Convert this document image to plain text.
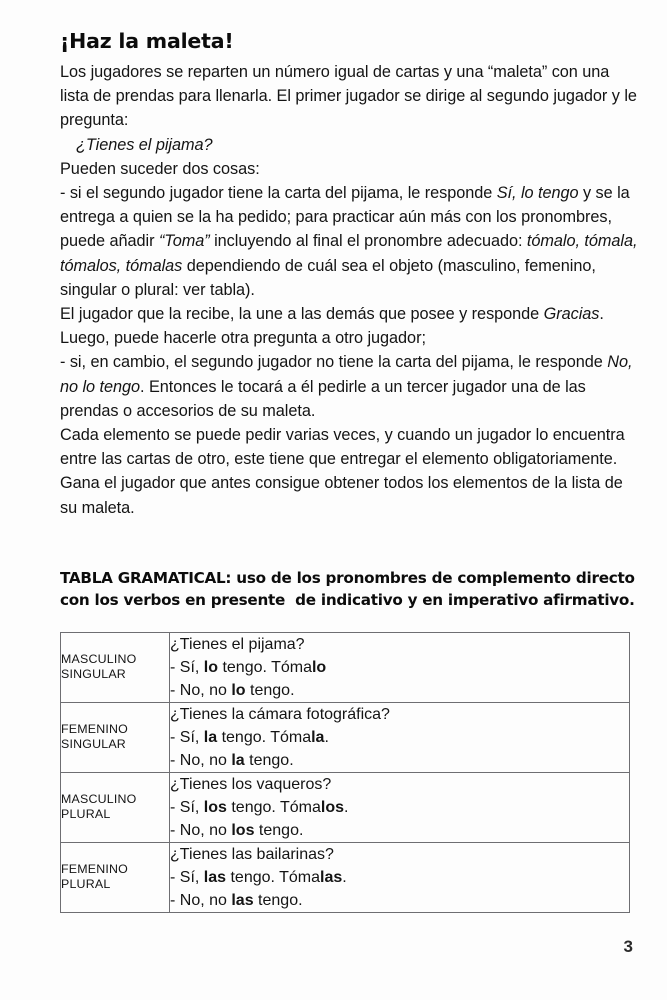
¡Haz la maleta!

Los jugadores se reparten un número igual de cartas y una “maleta” con una lista de prendas para llenarla. El primer jugador se dirige al segundo jugador y le pregunta:

¿Tienes el pijama?
Pueden suceder dos cosas:
- si el segundo jugador tiene la carta del pijama, le responde Sí, lo tengo y se la entrega a quien se la ha pedido; para practicar aún más con los pronombres, puede añadir “Toma” incluyendo al final el pronombre adecuado: tómalo, tómala, tómalos, tómalas dependiendo de cuál sea el objeto (masculino, femenino, singular o plural: ver tabla).
El jugador que la recibe, la une a las demás que posee y responde Gracias. Luego, puede hacerle otra pregunta a otro jugador;
- si, en cambio, el segundo jugador no tiene la carta del pijama, le responde No, no lo tengo. Entonces le tocará a él pedirle a un tercer jugador una de las prendas o accesorios de su maleta.
Cada elemento se puede pedir varias veces, y cuando un jugador lo encuentra entre las cartas de otro, este tiene que entregar el elemento obligatoriamente.
Gana el jugador que antes consigue obtener todos los elementos de la lista de  su maleta.

TABLA GRAMATICAL: uso de los pronombres de complemento directo con los verbos en presente  de indicativo y en imperativo afirmativo.

MASCULINO
SINGULAR	¿Tienes el pijama?
- Sí, lo tengo. Tómalo
- No, no lo tengo.

FEMENINO
SINGULAR	¿Tienes la cámara fotográfica?
- Sí, la tengo. Tómala.
- No, no la tengo.

MASCULINO
PLURAL	¿Tienes los vaqueros?
- Sí, los tengo. Tómalos.
- No, no los tengo.

FEMENINO
PLURAL	¿Tienes las bailarinas?
- Sí, las tengo. Tómalas.
- No, no las tengo.
3
